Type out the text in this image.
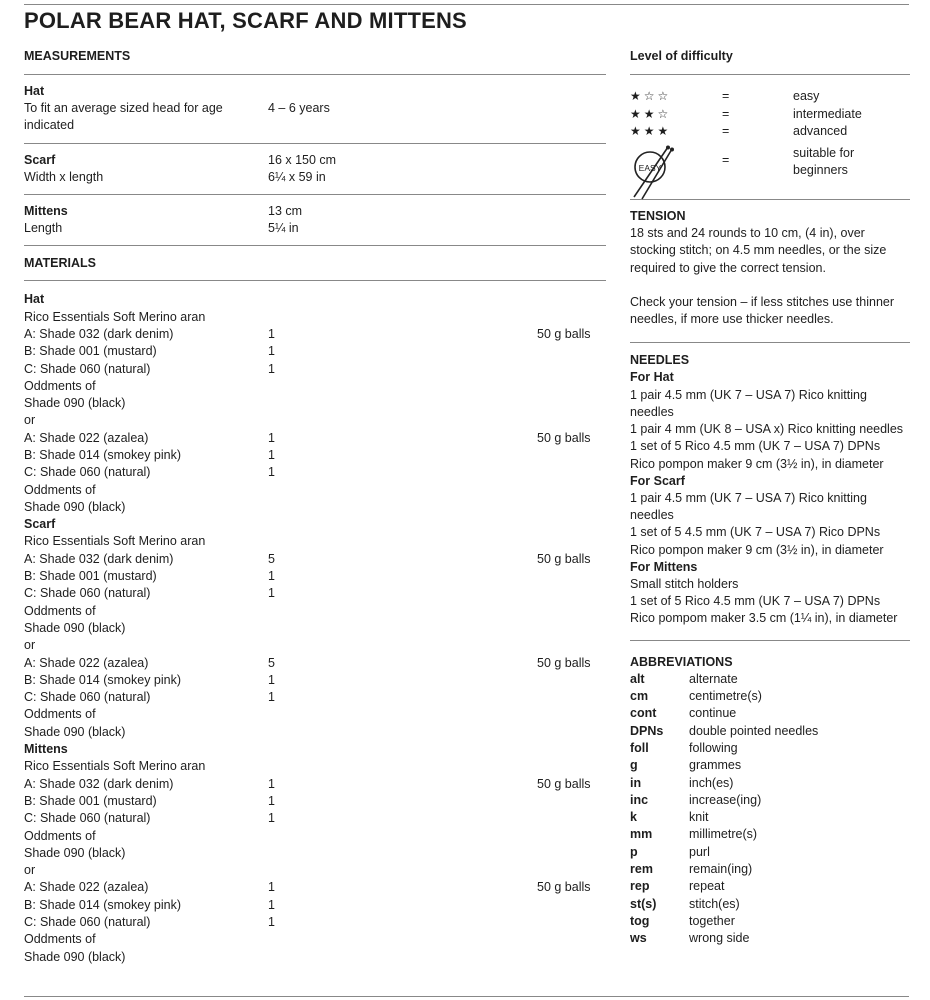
POLAR BEAR HAT, SCARF AND MITTENS
MEASUREMENTS
Hat
To fit an average sized head for age	4 – 6 years
indicated
Scarf	16 x 150 cm
Width x length	6¼ x 59 in
Mittens	13 cm
Length	5¼ in
MATERIALS
Hat
Rico Essentials Soft Merino aran
A: Shade 032 (dark denim)	1	50 g balls
B: Shade 001 (mustard)	1
C: Shade 060 (natural)	1
Oddments of
Shade 090 (black)
or
A: Shade 022 (azalea)	1	50 g balls
B: Shade 014 (smokey pink)	1
C: Shade 060 (natural)	1
Oddments of
Shade 090 (black)
Scarf
Rico Essentials Soft Merino aran
A: Shade 032 (dark denim)	5	50 g balls
B: Shade 001 (mustard)	1
C: Shade 060 (natural)	1
Oddments of
Shade 090 (black)
or
A: Shade 022 (azalea)	5	50 g balls
B: Shade 014 (smokey pink)	1
C: Shade 060 (natural)	1
Oddments of
Shade 090 (black)
Mittens
Rico Essentials Soft Merino aran
A: Shade 032 (dark denim)	1	50 g balls
B: Shade 001 (mustard)	1
C: Shade 060 (natural)	1
Oddments of
Shade 090 (black)
or
A: Shade 022 (azalea)	1	50 g balls
B: Shade 014 (smokey pink)	1
C: Shade 060 (natural)	1
Oddments of
Shade 090 (black)
Level of difficulty
★☆☆	=	easy
★★☆	=	intermediate
★★★	=	advanced
EASY
=	suitable for
beginners
TENSION
18 sts and 24 rounds to 10 cm, (4 in), over
stocking stitch; on 4.5 mm needles, or the size
required to give the correct tension.
Check your tension – if less stitches use thinner
needles, if more use thicker needles.
NEEDLES
For Hat
1 pair 4.5 mm (UK 7 – USA 7) Rico knitting needles
1 pair 4 mm (UK 8 – USA x) Rico knitting needles
1 set of 5 Rico 4.5 mm (UK 7 – USA 7) DPNs
Rico pompon maker 9 cm (3½ in), in diameter
For Scarf
1 pair 4.5 mm (UK 7 – USA 7) Rico knitting needles
1 set of 5 4.5 mm (UK 7 – USA 7) Rico DPNs
Rico pompon maker 9 cm (3½ in), in diameter
For Mittens
Small stitch holders
1 set of 5 Rico 4.5 mm (UK 7 – USA 7) DPNs
Rico pompom maker 3.5 cm (1¼ in), in diameter
ABBREVIATIONS
alt	alternate
cm	centimetre(s)
cont	continue
DPNs double pointed needles
foll	following
g	grammes
in	inch(es)
inc	increase(ing)
k	knit
mm	millimetre(s)
p	purl
rem	remain(ing)
rep	repeat
st(s)	stitch(es)
tog	together
ws	wrong side
